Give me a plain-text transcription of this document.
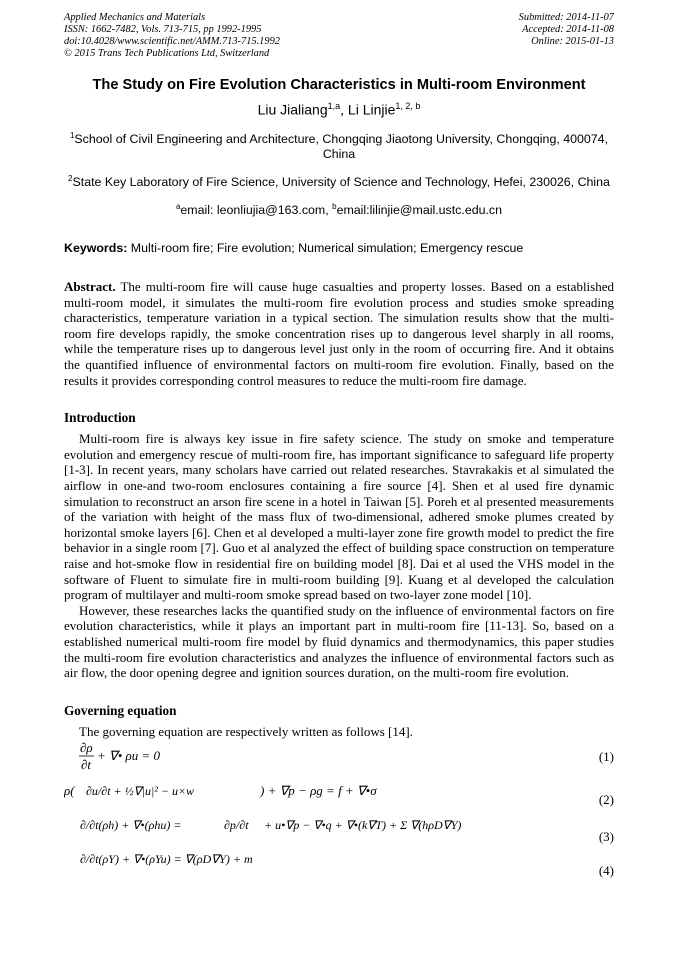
Applied Mechanics and Materials
ISSN: 1662-7482, Vols. 713-715, pp 1992-1995
doi:10.4028/www.scientific.net/AMM.713-715.1992
© 2015 Trans Tech Publications Ltd, Switzerland
Submitted: 2014-11-07
Accepted: 2014-11-08
Online: 2015-01-13
The Study on Fire Evolution Characteristics in Multi-room Environment
Liu Jialiang$^{1,a}$, Li Linjie$^{1, 2, b}$
$^1$School of Civil Engineering and Architecture, Chongqing Jiaotong University, Chongqing, 400074, China
$^2$State Key Laboratory of Fire Science, University of Science and Technology, Hefei, 230026, China
$^a$email: leonliujia@163.com, $^b$email:lilinjie@mail.ustc.edu.cn
Keywords: Multi-room fire; Fire evolution; Numerical simulation; Emergency rescue
Abstract. The multi-room fire will cause huge casualties and property losses. Based on a established multi-room model, it simulates the multi-room fire evolution process and studies smoke spreading characteristics, temperature variation in a typical section. The simulation results show that the multi-room fire develops rapidly, the smoke concentration rises up to dangerous level sharply in all rooms, while the temperature rises up to dangerous level just only in the room of occurring fire. And it obtains the quantified influence of environmental factors on multi-room fire evolution. Finally, based on the results it provides corresponding control measures to reduce the multi-room fire damage.
Introduction
Multi-room fire is always key issue in fire safety science. The study on smoke and temperature evolution and emergency rescue of multi-room fire, has important significance to safeguard life property [1-3]. In recent years, many scholars have carried out related researches. Stavrakakis et al simulated the airflow in one-and two-room enclosures containing a fire source [4]. Shen et al used fire dynamic simulation to reconstruct an arson fire scene in a hotel in Taiwan [5]. Poreh et al presented measurements of the variation with height of the mass flux of two-dimensional, adhered smoke plumes created by horizontal smoke layers [6]. Chen et al developed a multi-layer zone fire growth model to predict the fire behavior in a single room [7]. Guo et al analyzed the effect of building space construction on temperature raise and hot-smoke flow in residential fire on building model [8]. Dai et al used the VHS model in the software of Fluent to simulate fire in multi-room building [9]. Kuang et al developed the calculation program of multilayer and multi-room smoke spread based on two-layer zone model [10].
However, these researches lacks the quantified study on the influence of environmental factors on fire evolution characteristics, while it plays an important part in multi-room fire [11-13]. So, based on a established numerical multi-room fire model by fluid dynamics and thermodynamics, this paper studies the multi-room fire evolution characteristics and analyzes the influence of environmental factors such as air flow, the door opening degree and ignition sources duration, on the multi-room fire evolution.
Governing equation
The governing equation are respectively written as follows [14].
∂ρ
∂t
+ ∇• ρu = 0	(1)
ρ( ∂u/∂t + ½∇|u|² − u×w	) + ∇p − ρg = f + ∇•σ
(2)
∂/∂t(ρh) + ∇•(ρhu) =	∂p/∂t + u•∇p − ∇•q + ∇•(k∇T) + Σ ∇(hρD∇Y)
(3)
∂/∂t(ρY) + ∇•(ρYu) = ∇(ρD∇Y) + m
(4)
